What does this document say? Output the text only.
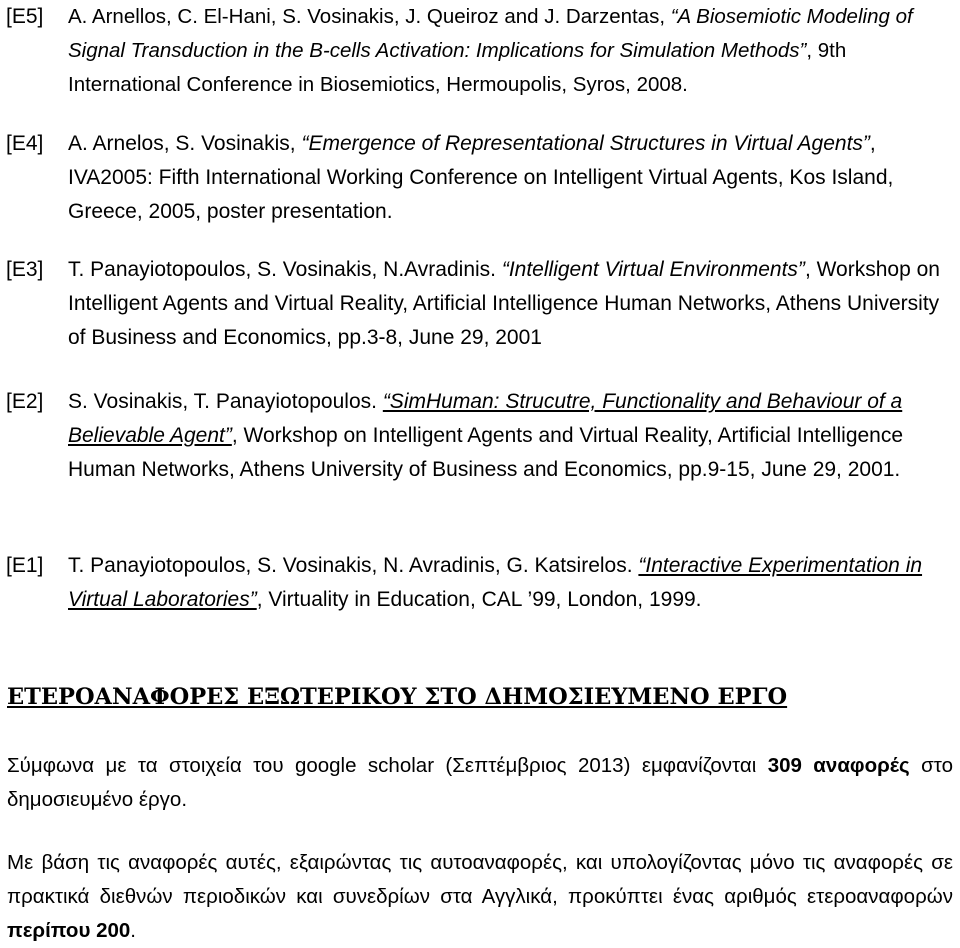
[E5] A. Arnellos, C. El-Hani, S. Vosinakis, J. Queiroz and J. Darzentas, “A Biosemiotic Modeling of Signal Transduction in the B-cells Activation: Implications for Simulation Methods”, 9th International Conference in Biosemiotics, Hermoupolis, Syros, 2008.
[E4] A. Arnelos, S. Vosinakis, “Emergence of Representational Structures in Virtual Agents”, IVA2005: Fifth International Working Conference on Intelligent Virtual Agents, Kos Island, Greece, 2005, poster presentation.
[E3] T. Panayiotopoulos, S. Vosinakis, N.Avradinis. “Intelligent Virtual Environments”, Workshop on Intelligent Agents and Virtual Reality, Artificial Intelligence Human Networks, Athens University of Business and Economics, pp.3-8, June 29, 2001
[E2] S. Vosinakis, T. Panayiotopoulos. “SimHuman: Strucutre, Functionality and Behaviour of a Believable Agent”, Workshop on Intelligent Agents and Virtual Reality, Artificial Intelligence Human Networks, Athens University of Business and Economics, pp.9-15, June 29, 2001.
[E1] T. Panayiotopoulos, S. Vosinakis, N. Avradinis, G. Katsirelos. “Interactive Experimentation in Virtual Laboratories”, Virtuality in Education, CAL ’99, London, 1999.
ΕΤΕΡΟΑΝΑΦΟΡΕΣ ΕΞΩΤΕΡΙΚΟΥ ΣΤΟ ΔΗΜΟΣΙΕΥΜΕΝΟ ΕΡΓΟ
Σύμφωνα με τα στοιχεία του google scholar (Σεπτέμβριος 2013) εμφανίζονται 309 αναφορές στο δημοσιευμένο έργο.
Με βάση τις αναφορές αυτές, εξαιρώντας τις αυτοαναφορές, και υπολογίζοντας μόνο τις αναφορές σε πρακτικά διεθνών περιοδικών και συνεδρίων στα Αγγλικά, προκύπτει ένας αριθμός ετεροαναφορών περίπου 200.
